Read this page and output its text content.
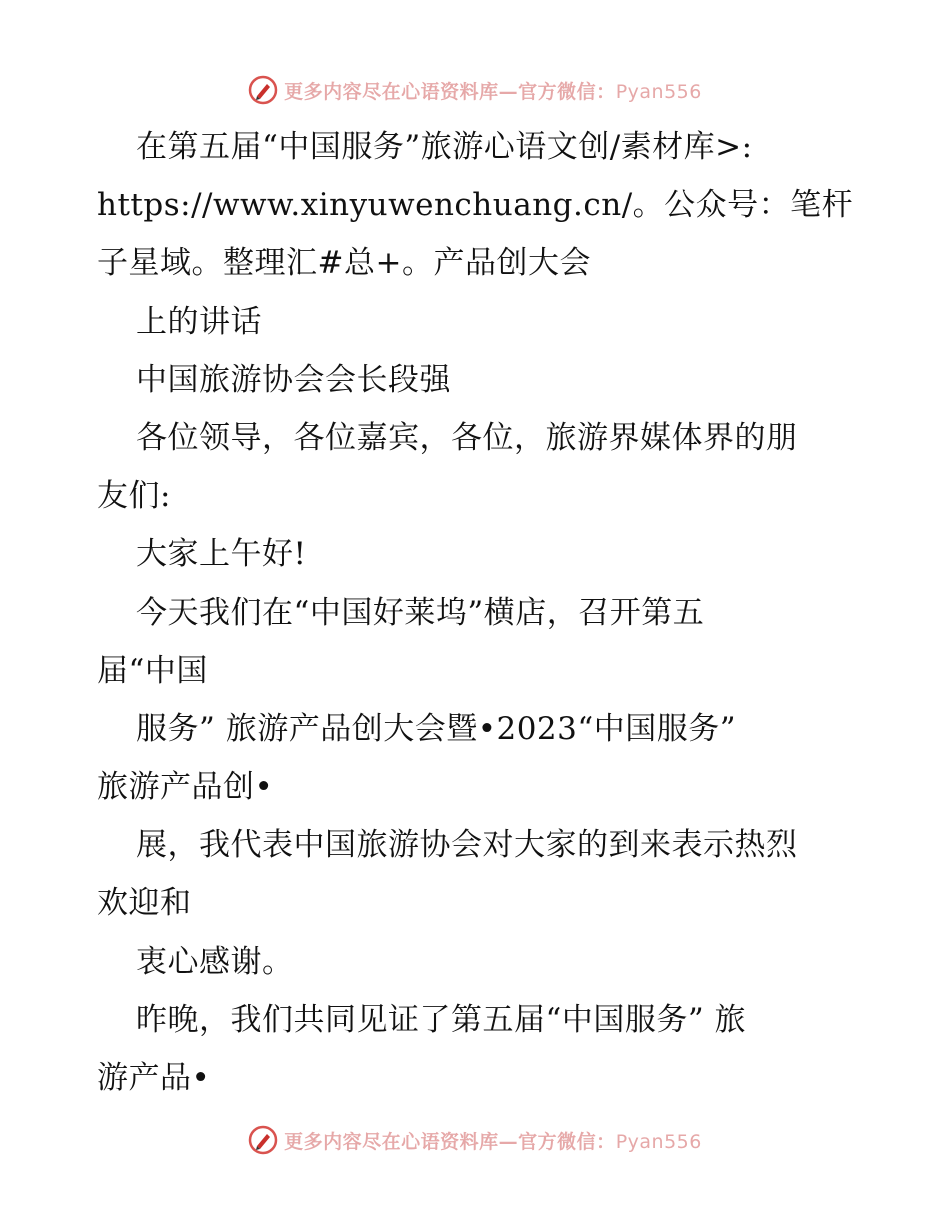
更多内容尽在心语资料库—官方微信：Pyan556
在第五届“中国服务”旅游心语文创/素材库>:
https://www.xinyuwenchuang.cn/。公众号：笔杆
子星域。整理汇#总+。产品创大会
上的讲话
中国旅游协会会长段强
各位领导，各位嘉宾，各位，旅游界媒体界的朋
友们:
大家上午好!
今天我们在“中国好莱坞”横店，召开第五
届“中国
服务” 旅游产品创大会暨•2023“中国服务”
旅游产品创•
展，我代表中国旅游协会对大家的到来表示热烈
欢迎和
衷心感谢。
昨晚，我们共同见证了第五届“中国服务” 旅
游产品•
更多内容尽在心语资料库—官方微信：Pyan556
